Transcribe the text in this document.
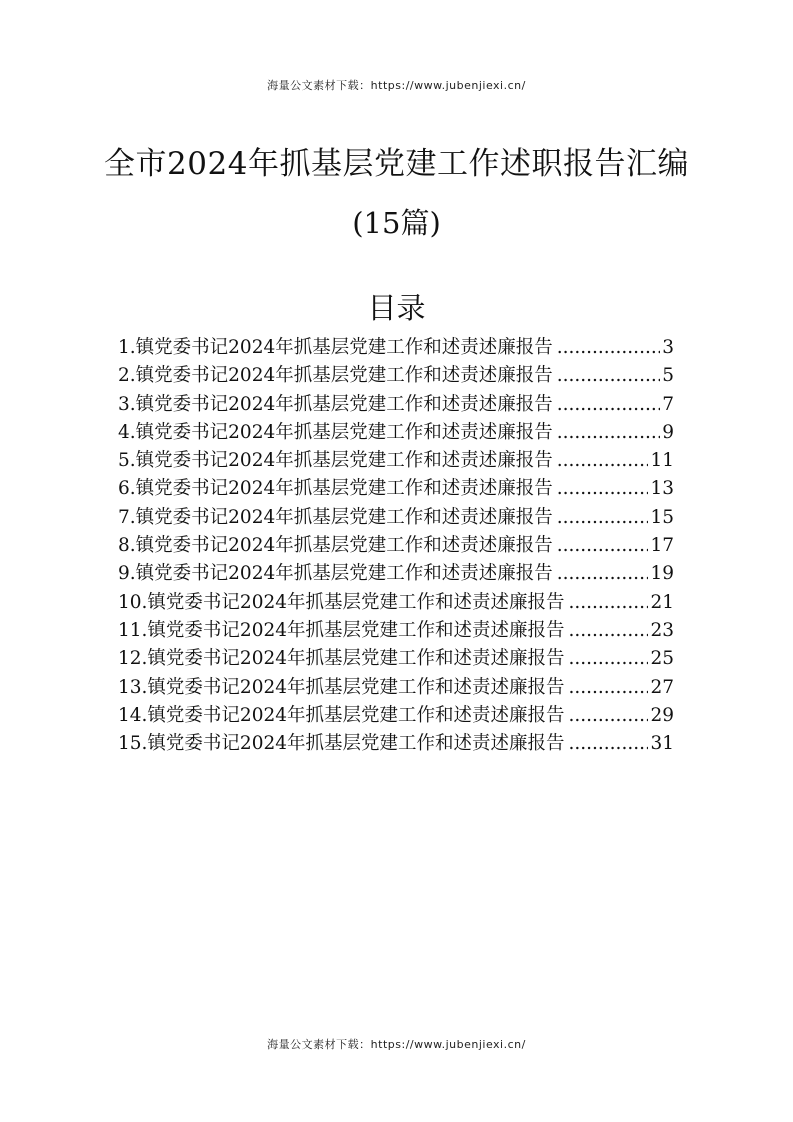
海量公文素材下载：https://www.jubenjiexi.cn/
全市2024年抓基层党建工作述职报告汇编
(15篇)
目录
1.镇党委书记2024年抓基层党建工作和述责述廉报告 .....	3
2.镇党委书记2024年抓基层党建工作和述责述廉报告 .....	5
3.镇党委书记2024年抓基层党建工作和述责述廉报告 .....	7
4.镇党委书记2024年抓基层党建工作和述责述廉报告 .....	9
5.镇党委书记2024年抓基层党建工作和述责述廉报告 .....	11
6.镇党委书记2024年抓基层党建工作和述责述廉报告 .....	13
7.镇党委书记2024年抓基层党建工作和述责述廉报告 .....	15
8.镇党委书记2024年抓基层党建工作和述责述廉报告 .....	17
9.镇党委书记2024年抓基层党建工作和述责述廉报告 .....	19
10.镇党委书记2024年抓基层党建工作和述责述廉报告 .....	21
11.镇党委书记2024年抓基层党建工作和述责述廉报告 .....	23
12.镇党委书记2024年抓基层党建工作和述责述廉报告 .....	25
13.镇党委书记2024年抓基层党建工作和述责述廉报告 .....	27
14.镇党委书记2024年抓基层党建工作和述责述廉报告 .....	29
15.镇党委书记2024年抓基层党建工作和述责述廉报告 .....	31
海量公文素材下载：https://www.jubenjiexi.cn/
